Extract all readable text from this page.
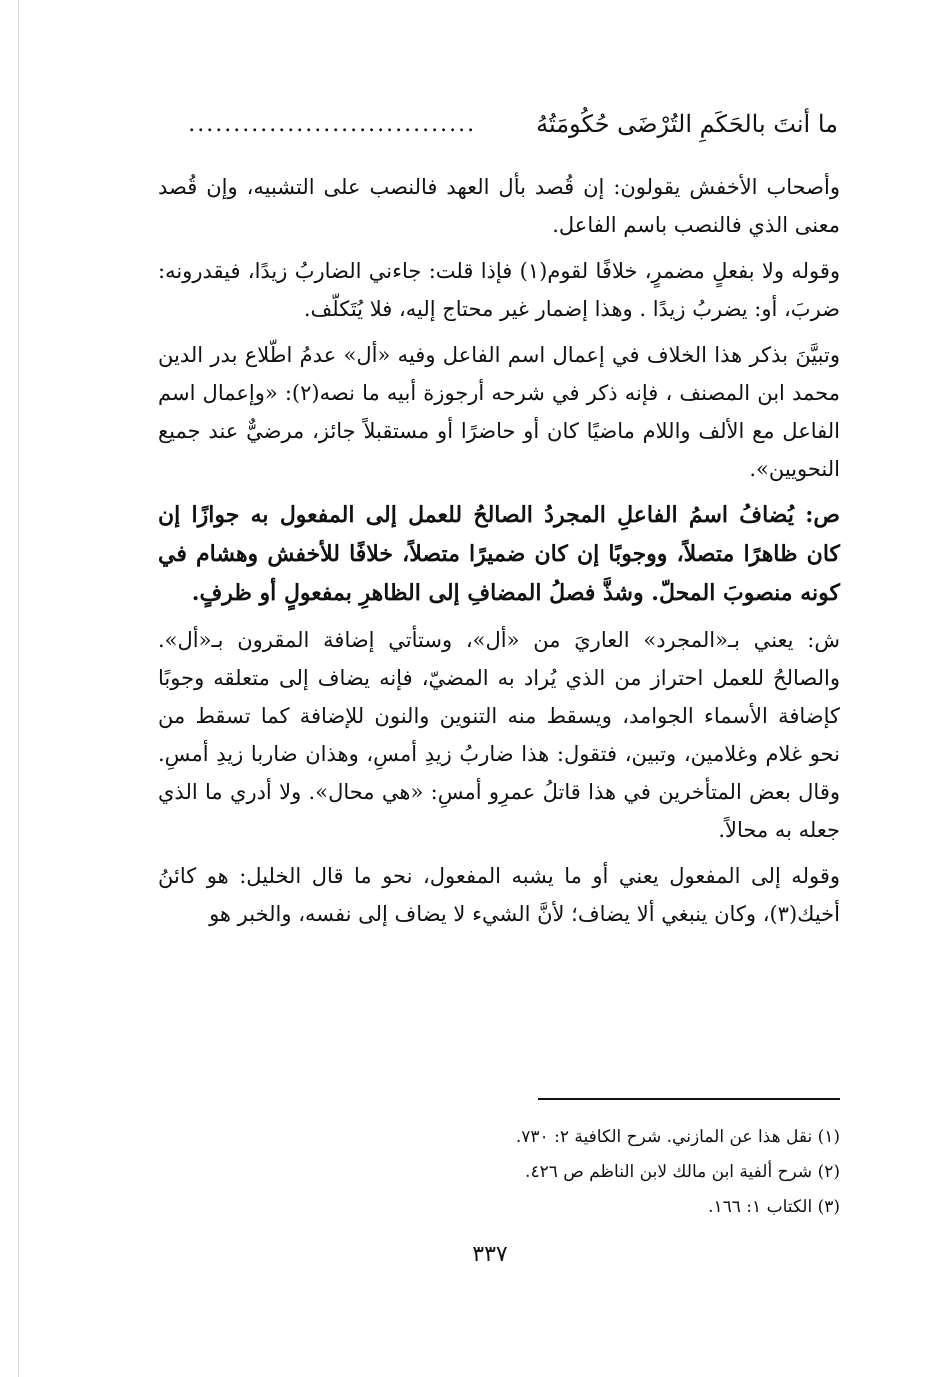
ما أنتَ بالحَكَمِ التُرْضَى حُكُومَتُهُ
................................

وأصحاب الأخفش يقولون: إن قُصد بأل العهد فالنصب على التشبيه، وإن قُصد معنى الذي فالنصب باسم الفاعل.

وقوله ولا بفعلٍ مضمرٍ، خلافًا لقوم(١) فإذا قلت: جاءني الضاربُ زيدًا، فيقدرونه: ضربَ، أو: يضربُ زيدًا . وهذا إضمار غير محتاج إليه، فلا يُتَكلّف.

وتبيَّنَ بذكر هذا الخلاف في إعمال اسم الفاعل وفيه «أل» عدمُ اطّلاع بدر الدين محمد ابن المصنف ، فإنه ذكر في شرحه أرجوزة أبيه ما نصه(٢): «وإعمال اسم الفاعل مع الألف واللام ماضيًا كان أو حاضرًا أو مستقبلاً جائز، مرضيٌّ عند جميع النحويين».

ص: يُضافُ اسمُ الفاعلِ المجردُ الصالحُ للعمل إلى المفعول به جوازًا إن كان ظاهرًا متصلاً، ووجوبًا إن كان ضميرًا متصلاً، خلافًا للأخفش وهشام في كونه منصوبَ المحلّ. وشذَّ فصلُ المضافِ إلى الظاهرِ بمفعولٍ أو ظرفٍ.

ش: يعني بـ«المجرد» العاريَ من «أل»، وستأتي إضافة المقرون بـ«أل». والصالحُ للعمل احتراز من الذي يُراد به المضيّ، فإنه يضاف إلى متعلقه وجوبًا كإضافة الأسماء الجوامد، ويسقط منه التنوين والنون للإضافة كما تسقط من نحو غلام وغلامين، وتبين، فتقول: هذا ضاربُ زيدِ أمسِ، وهذان ضاربا زيدِ أمسِ. وقال بعض المتأخرين في هذا قاتلُ عمرِو أمسِ: «هي محال». ولا أدري ما الذي جعله به محالاً.

وقوله إلى المفعول يعني أو ما يشبه المفعول، نحو ما قال الخليل: هو كائنُ أخيك(٣)، وكان ينبغي ألا يضاف؛ لأنَّ الشيء لا يضاف إلى نفسه، والخبر هو

(١) نقل هذا عن المازني. شرح الكافية ٢: ٧٣٠.

(٢) شرح ألفية ابن مالك لابن الناظم ص ٤٢٦.

(٣) الكتاب ١: ١٦٦.

٣٣٧
